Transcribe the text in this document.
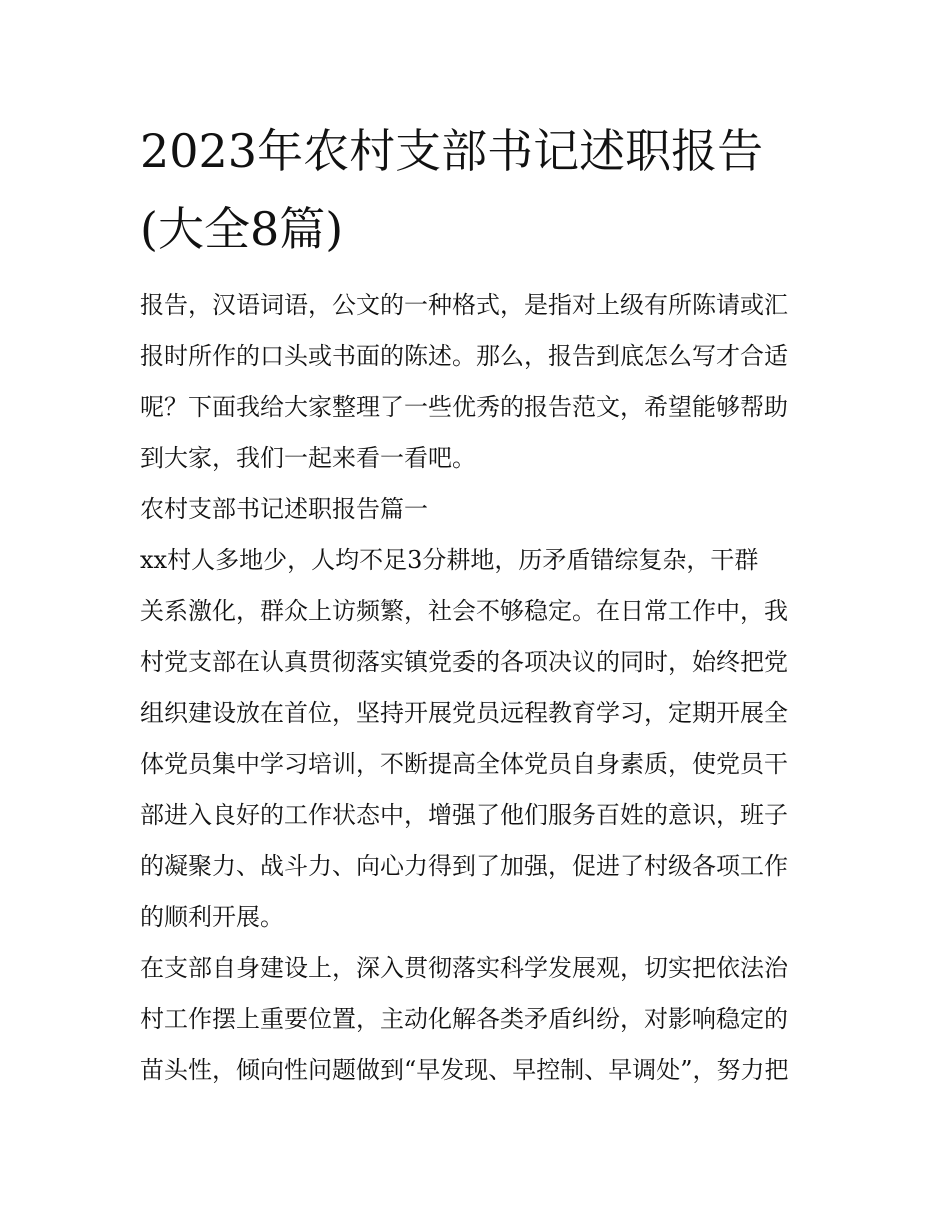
2023年农村支部书记述职报告
(大全8篇)
报告，汉语词语，公文的一种格式，是指对上级有所陈请或汇
报时所作的口头或书面的陈述。那么，报告到底怎么写才合适
呢？下面我给大家整理了一些优秀的报告范文，希望能够帮助
到大家，我们一起来看一看吧。
农村支部书记述职报告篇一
xx村人多地少，人均不足3分耕地，历矛盾错综复杂，干群
关系激化，群众上访频繁，社会不够稳定。在日常工作中，我
村党支部在认真贯彻落实镇党委的各项决议的同时，始终把党
组织建设放在首位，坚持开展党员远程教育学习，定期开展全
体党员集中学习培训，不断提高全体党员自身素质，使党员干
部进入良好的工作状态中，增强了他们服务百姓的意识，班子
的凝聚力、战斗力、向心力得到了加强，促进了村级各项工作
的顺利开展。
在支部自身建设上，深入贯彻落实科学发展观，切实把依法治
村工作摆上重要位置，主动化解各类矛盾纠纷，对影响稳定的
苗头性，倾向性问题做到“早发现、早控制、早调处”，努力把
